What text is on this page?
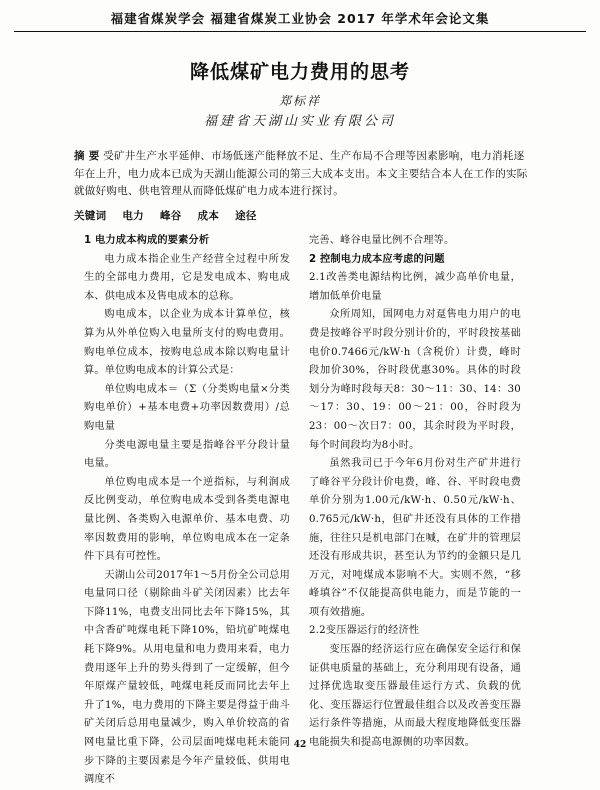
福建省煤炭学会 福建省煤炭工业协会 2017 年学术年会论文集
降低煤矿电力费用的思考
郑标祥
福建省天湖山实业有限公司

摘 要 受矿井生产水平延伸、市场低迷产能释放不足、生产布局不合理等因素影响，电力消耗逐年在上升，电力成本已成为天湖山能源公司的第三大成本支出。本文主要结合本人在工作的实际就做好购电、供电管理从而降低煤矿电力成本进行探讨。

关键词 电力 峰谷 成本 途径

1 电力成本构成的要素分析

电力成本指企业生产经营全过程中所发生的全部电力费用，它是发电成本、购电成本、供电成本及售电成本的总称。

购电成本，以企业为成本计算单位，核算为从外单位购入电量所支付的购电费用。购电单位成本，按购电总成本除以购电量计算。单位购电成本的计算公式是：

单位购电成本＝（Σ（分类购电量×分类购电单价）+基本电费+功率因数费用）/总购电量

分类电源电量主要是指峰谷平分段计量电量。

单位购电成本是一个逆指标，与利润成反比例变动，单位购电成本受到各类电源电量比例、各类购入电源单价、基本电费、功率因数费用的影响，单位购电成本在一定条件下具有可控性。

天湖山公司2017年1～5月份全公司总用电量同口径（剔除曲斗矿关闭因素）比去年下降11%，电费支出同比去年下降15%，其中含香矿吨煤电耗下降10%，铅坑矿吨煤电耗下降9%。从用电量和电力费用来看，电力费用逐年上升的势头得到了一定缓解，但今年原煤产量较低，吨煤电耗反而同比去年上升了1%，电力费用的下降主要是得益于曲斗矿关闭后总用电量减少，购入单价较高的省网电量比重下降，公司层面吨煤电耗未能同步下降的主要因素是今年产量较低、供用电调度不

完善、峰谷电量比例不合理等。

2 控制电力成本应考虑的问题

2.1改善类电源结构比例，减少高单价电量，增加低单价电量

众所周知，国网电力对趸售电力用户的电费是按峰谷平时段分别计价的，平时段按基础电价0.7466元/kW·h（含税价）计费，峰时段加价30%，谷时段优惠30%。具体的时段划分为峰时段每天8：30～11：30、14：30～17：30、19：00～21：00，谷时段为23：00～次日7：00，其余时段为平时段，每个时间段均为8小时。

虽然我司已于今年6月份对生产矿井进行了峰谷平分段计价电费，峰、谷、平时段电费单价分别为1.00元/kW·h、0.50元/kW·h、0.765元/kW·h，但矿井还没有具体的工作措施，往往只是机电部门在喊，在矿井的管理层还没有形成共识，甚至认为节约的金额只是几万元，对吨煤成本影响不大。实则不然，“移峰填谷”不仅能提高供电能力，而是节能的一项有效措施。

2.2变压器运行的经济性

变压器的经济运行应在确保安全运行和保证供电质量的基础上，充分利用现有设备，通过择优选取变压器最佳运行方式、负载的优化、变压器运行位置最佳组合以及改善变压器运行条件等措施，从而最大程度地降低变压器电能损失和提高电源侧的功率因数。

42
